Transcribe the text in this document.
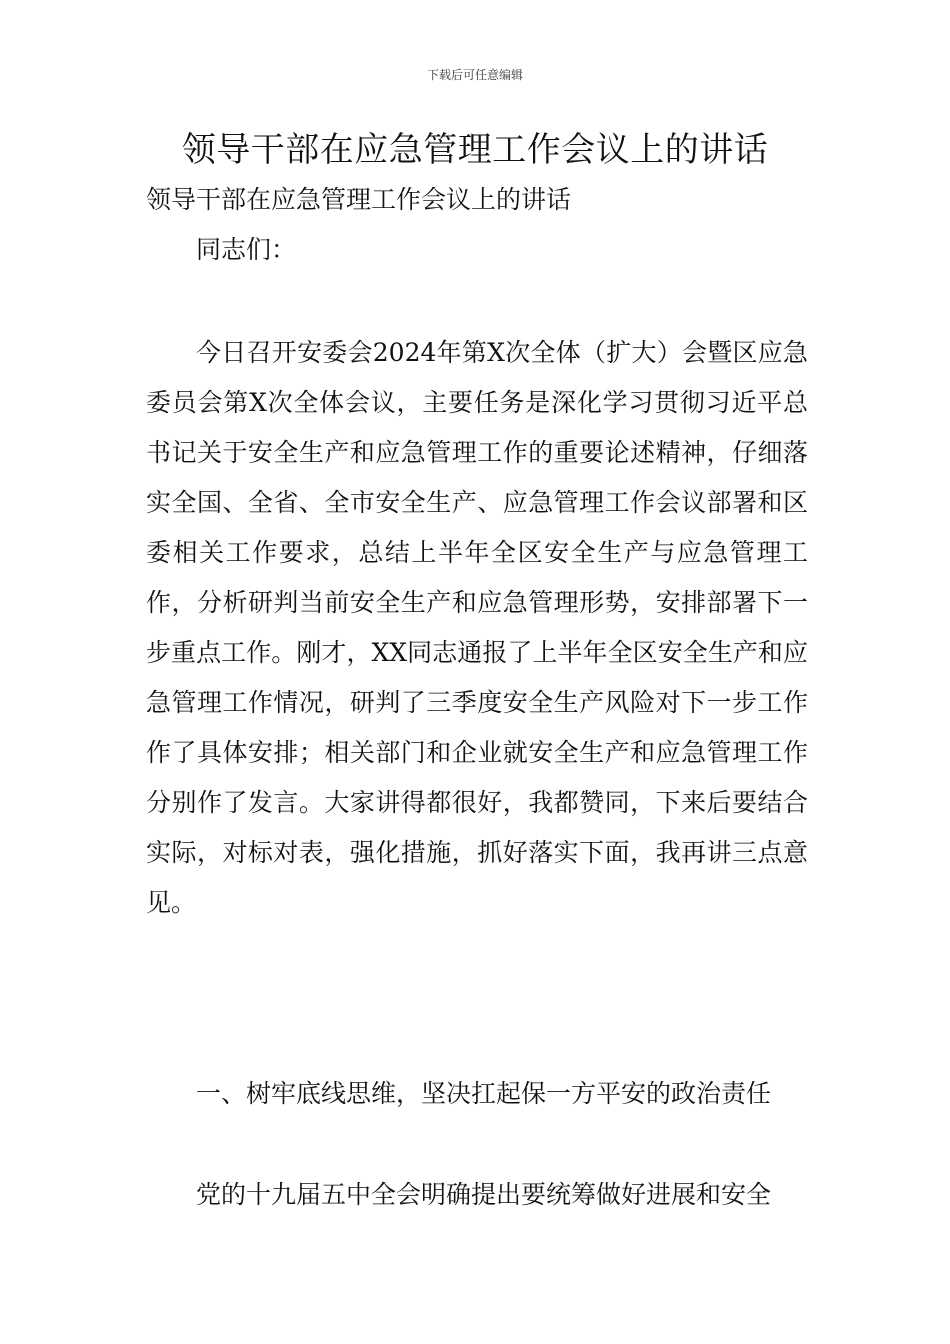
下载后可任意编辑
领导干部在应急管理工作会议上的讲话
领导干部在应急管理工作会议上的讲话
同志们：
今日召开安委会2024年第X次全体（扩大）会暨区应急委员会第X次全体会议，主要任务是深化学习贯彻习近平总书记关于安全生产和应急管理工作的重要论述精神，仔细落实全国、全省、全市安全生产、应急管理工作会议部署和区委相关工作要求，总结上半年全区安全生产与应急管理工作，分析研判当前安全生产和应急管理形势，安排部署下一步重点工作。刚才，XX同志通报了上半年全区安全生产和应急管理工作情况，研判了三季度安全生产风险对下一步工作作了具体安排；相关部门和企业就安全生产和应急管理工作分别作了发言。大家讲得都很好，我都赞同，下来后要结合实际，对标对表，强化措施，抓好落实下面，我再讲三点意见。
一、树牢底线思维，坚决扛起保一方平安的政治责任
党的十九届五中全会明确提出要统筹做好进展和安全
